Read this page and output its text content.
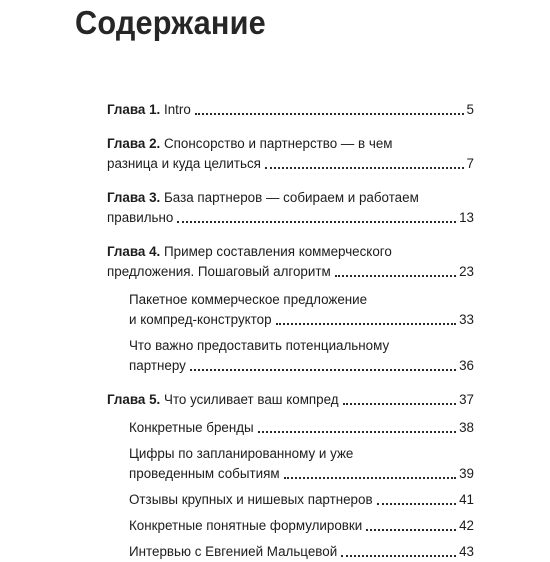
Содержание
Глава 1. Intro	5
Глава 2. Спонсорство и партнерство — в чем
разница и куда целиться	7
Глава 3. База партнеров — собираем и работаем
правильно	13
Глава 4. Пример составления коммерческого
предложения. Пошаговый алгоритм	23
Пакетное коммерческое предложение
и компред-конструктор	33
Что важно предоставить потенциальному
партнеру	36
Глава 5. Что усиливает ваш компред	37
Конкретные бренды	38
Цифры по запланированному и уже
проведенным событиям	39
Отзывы крупных и нишевых партнеров	41
Конкретные понятные формулировки	42
Интервью с Евгенией Мальцевой	43
